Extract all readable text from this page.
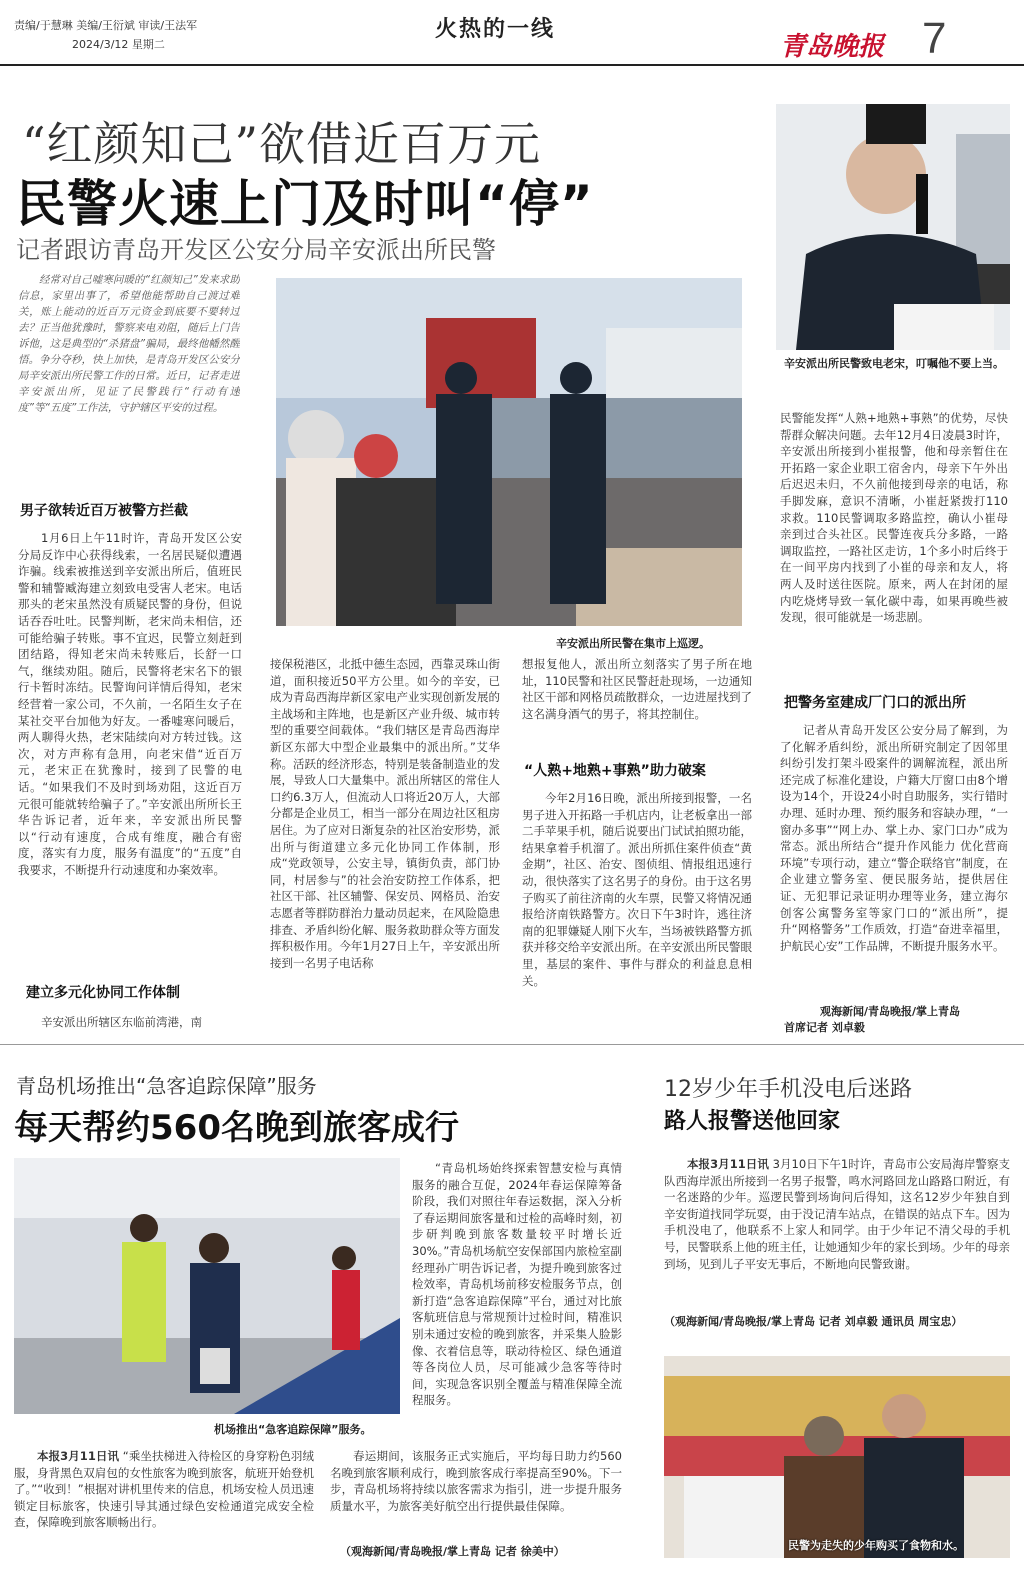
责编/于慧琳 美编/王衍斌 审读/王法军
2024/3/12 星期二
火热的一线
青岛晚报 7
“红颜知己”欲借近百万元
民警火速上门及时叫“停”
记者跟访青岛开发区公安分局辛安派出所民警

经常对自己嘘寒问暖的“红颜知己”发来求助信息，家里出事了，希望他能帮助自己渡过难关，账上能动的近百万元资金到底要不要转过去？正当他犹豫时，警察来电劝阻，随后上门告诉他，这是典型的“杀猪盘”骗局，最终他幡然醒悟。争分夺秒，快上加快，是青岛开发区公安分局辛安派出所民警工作的日常。近日，记者走进辛安派出所，见证了民警践行“行动有速度”等“五度”工作法，守护辖区平安的过程。

男子欲转近百万被警方拦截

1月6日上午11时许，青岛开发区公安分局反诈中心获得线索，一名居民疑似遭遇诈骗。线索被推送到辛安派出所后，值班民警和辅警臧海建立刻致电受害人老宋。电话那头的老宋虽然没有质疑民警的身份，但说话吞吞吐吐。民警判断，老宋尚未相信，还可能给骗子转账。事不宜迟，民警立刻赶到团结路，得知老宋尚未转账后，长舒一口气，继续劝阻。随后，民警将老宋名下的银行卡暂时冻结。民警询问详情后得知，老宋经营着一家公司，不久前，一名陌生女子在某社交平台加他为好友。一番嘘寒问暖后，两人聊得火热，老宋陆续向对方转过钱。这次，对方声称有急用，向老宋借“近百万元，老宋正在犹豫时，接到了民警的电话。“如果我们不及时到场劝阻，这近百万元很可能就转给骗子了。”辛安派出所所长王华告诉记者，近年来，辛安派出所民警以“行动有速度，合成有维度，融合有密度，落实有力度，服务有温度”的“五度”自我要求，不断提升行动速度和办案效率。

建立多元化协同工作体制

辛安派出所辖区东临前湾港，南

辛安派出所民警在集市上巡逻。

接保税港区，北抵中德生态园，西靠灵珠山街道，面积接近50平方公里。如今的辛安，已成为青岛西海岸新区家电产业实现创新发展的主战场和主阵地，也是新区产业升级、城市转型的重要空间载体。“我们辖区是青岛西海岸新区东部大中型企业最集中的派出所。”艾华称。活跃的经济形态，特别是装备制造业的发展，导致人口大量集中。派出所辖区的常住人口约6.3万人，但流动人口将近20万人，大部分都是企业员工，相当一部分在周边社区租房居住。为了应对日渐复杂的社区治安形势，派出所与街道建立多元化协同工作体制，形成“党政领导，公安主导，镇街负责，部门协同，村居参与”的社会治安防控工作体系，把社区干部、社区辅警、保安员、网格员、治安志愿者等群防群治力量动员起来，在风险隐患排查、矛盾纠纷化解、服务救助群众等方面发挥积极作用。今年1月27日上午，辛安派出所接到一名男子电话称

想报复他人，派出所立刻落实了男子所在地址，110民警和社区民警赶赴现场，一边通知社区干部和网格员疏散群众，一边进屋找到了这名满身酒气的男子，将其控制住。

“人熟+地熟+事熟”助力破案

今年2月16日晚，派出所接到报警，一名男子进入开拓路一手机店内，让老板拿出一部二手苹果手机，随后说要出门试试拍照功能，结果拿着手机溜了。派出所抓住案件侦查“黄金期”，社区、治安、图侦组、情报组迅速行动，很快落实了这名男子的身份。由于这名男子购买了前往济南的火车票，民警又将情况通报给济南铁路警方。次日下午3时许，逃往济南的犯罪嫌疑人刚下火车，当场被铁路警方抓获并移交给辛安派出所。在辛安派出所民警眼里，基层的案件、事件与群众的利益息息相关。

辛安派出所民警致电老宋，叮嘱他不要上当。

民警能发挥“人熟+地熟+事熟”的优势，尽快帮群众解决问题。去年12月4日凌晨3时许，辛安派出所接到小崔报警，他和母亲暂住在开拓路一家企业职工宿舍内，母亲下午外出后迟迟未归，不久前他接到母亲的电话，称手脚发麻，意识不清晰，小崔赶紧拨打110求救。110民警调取多路监控，确认小崔母亲到过合头社区。民警连夜兵分多路，一路调取监控，一路社区走访，1个多小时后终于在一间平房内找到了小崔的母亲和友人，将两人及时送往医院。原来，两人在封闭的屋内吃烧烤导致一氧化碳中毒，如果再晚些被发现，很可能就是一场悲剧。

把警务室建成厂门口的派出所

记者从青岛开发区公安分局了解到，为了化解矛盾纠纷，派出所研究制定了因邻里纠纷引发打架斗殴案件的调解流程，派出所还完成了标准化建设，户籍大厅窗口由8个增设为14个，开设24小时自助服务，实行错时办理、延时办理、预约服务和容缺办理，“一窗办多事”“网上办、掌上办、家门口办”成为常态。派出所结合“提升作风能力 优化营商环境”专项行动，建立“警企联络官”制度，在企业建立警务室、便民服务站，提供居住证、无犯罪记录证明办理等业务，建立海尔创客公寓警务室等家门口的“派出所”，提升“网格警务”工作质效，打造“奋进幸福里，护航民心安”工作品牌，不断提升服务水平。

观海新闻/青岛晚报/掌上青岛
首席记者 刘卓毅
青岛机场推出“急客追踪保障”服务
每天帮约560名晚到旅客成行
机场推出“急客追踪保障”服务。

“青岛机场始终探索智慧安检与真情服务的融合互促，2024年春运保障筹备阶段，我们对照往年春运数据，深入分析了春运期间旅客量和过检的高峰时刻，初步研判晚到旅客数量较平时增长近30%。”青岛机场航空安保部国内旅检室副经理孙广明告诉记者，为提升晚到旅客过检效率，青岛机场前移安检服务节点，创新打造“急客追踪保障”平台，通过对比旅客航班信息与常规预计过检时间，精准识别未通过安检的晚到旅客，并采集人脸影像、衣着信息等，联动待检区、绿色通道等各岗位人员，尽可能减少急客等待时间，实现急客识别全覆盖与精准保障全流程服务。

本报3月11日讯 “乘坐扶梯进入待检区的身穿粉色羽绒服，身背黑色双肩包的女性旅客为晚到旅客，航班开始登机了。”“收到！”根据对讲机里传来的信息，机场安检人员迅速锁定目标旅客，快速引导其通过绿色安检通道完成安全检查，保障晚到旅客顺畅出行。

春运期间，该服务正式实施后，平均每日助力约560名晚到旅客顺利成行，晚到旅客成行率提高至90%。下一步，青岛机场将持续以旅客需求为指引，进一步提升服务质量水平，为旅客美好航空出行提供最佳保障。

（观海新闻/青岛晚报/掌上青岛 记者 徐美中）
12岁少年手机没电后迷路
路人报警送他回家

本报3月11日讯 3月10日下午1时许，青岛市公安局海岸警察支队西海岸派出所接到一名男子报警，鸣水河路回龙山路路口附近，有一名迷路的少年。巡逻民警到场询问后得知，这名12岁少年独自到辛安街道找同学玩耍，由于没记清车站点，在错误的站点下车。因为手机没电了，他联系不上家人和同学。由于少年记不清父母的手机号，民警联系上他的班主任，让她通知少年的家长到场。少年的母亲到场，见到儿子平安无事后，不断地向民警致谢。

（观海新闻/青岛晚报/掌上青岛 记者 刘卓毅 通讯员 周宝忠）
民警为走失的少年购买了食物和水。
